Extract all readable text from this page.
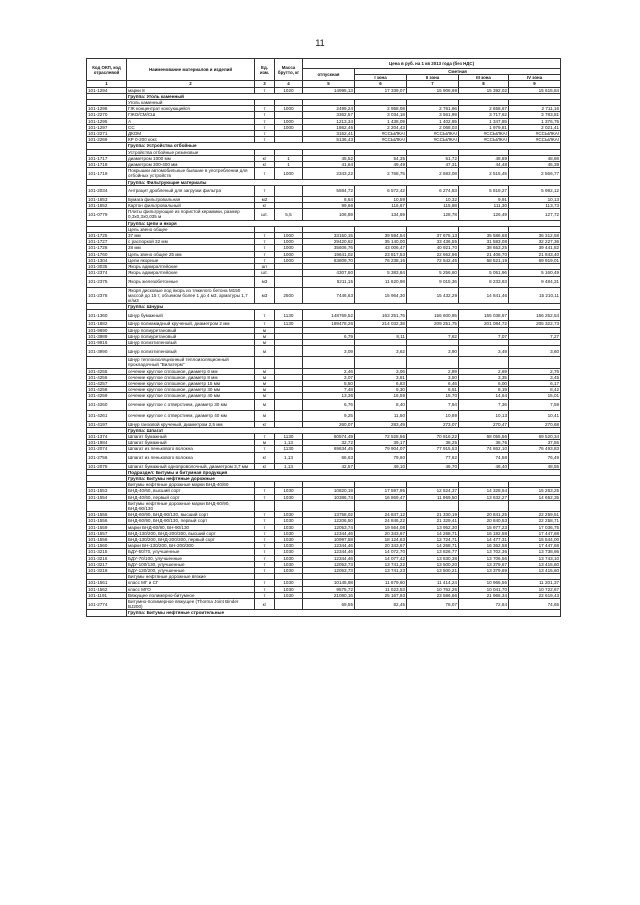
11
Код ОКП, код отраслевой	Наименование материалов и изделий	Ед. изм.	Масса брутто, кг	Цена в руб. на 1 кв 2013 года (без НДС)				
				отпускная	Сметная			
					I зона	II зона	III зона	IV зона
1	2	3	4	5	6	7	8	9
101-1294	марки 8	т	1020	14995,13	17 339,07	15 906,69	15 392,02	15 615,84
	Группа: Уголь каменный							
	Уголь каменный							
101-1296	ГЖ концентрат коксующийся	т	1000	2499,24	2 958,08	2 761,96	2 658,67	2 711,16
101-2270	ГЖО/СМ/СШ	т		3362,57	3 034,18	3 561,99	3 717,62	3 783,81
101-1295	А	т	1000	1213,34	1 438,09	1 402,85	1 347,85	1 376,75
101-1297	СС	т	1000	1862,46	2 204,43	2 068,03	1 979,81	2 021,41
101-2271	ДКОМ	т		3152,41	#ССЫЛКА!	#ССЫЛКА!	#ССЫЛКА!	#ССЫЛКА!
101-2269	КР 0-200 кокс	т		5136,43	#ССЫЛКА!	#ССЫЛКА!	#ССЫЛКА!	#ССЫЛКА!
	Группа: Устройства отбойные							
	Устройства отбойные резиновые							
101-1717	диаметром 1000 мм	кг	1	45,52	54,35	51,72	48,89	48,86
101-1718	диаметром 300-400 мм	кг	1	41,64	49,49	47,31	44,48	45,39
101-1719	Покрышки автомобильные бывшие в употреблении для отбойных устройств	т	1000	2343,22	2 768,75	2 683,08	2 515,45	2 566,77
	Группа: Фильтрующие материалы							
101-2034	Антрацит дробленый для загрузки фильтра	т		5584,72	6 572,42	6 274,83	5 819,27	5 992,12
101-1653	Бумага фильтровальная	м2		8,64	10,59	10,32	9,91	10,13
101-1652	Картон фильтровальный	кг		99,66	116,67	115,88	111,30	113,73
101-0779	Плиты фильтрующие из пористой керамики, размер 0,3х0,3х0,035 м	шт.	5,5	106,89	134,69	128,78	126,49	127,72
	Группа: Цепи и якоря							
	Цепь звено общее							
101-1725	37 мм	т	1000	33150,15	39 594,54	37 675,13	35 586,68	36 312,58
101-1727	с распоркой 32 мм	т	1000	29420,62	35 140,00	33 436,55	31 583,08	32 227,36
101-1728	28 мм	т	1000	35606,76	43 006,47	40 921,70	38 653,25	39 441,82
101-1760	Цепь звено общее 25 мм	т	1000	19641,02	23 817,53	22 662,96	21 406,70	21 843,40
101-1304	Цепи якорные	т	1000	63809,70	76 238,16	72 542,45	68 521,19	69 919,01
101-3035	Якорь адмиралтейские	шт						
101-2374	Якорь адмиралтейские	шт.		4307,60	5 383,84	5 256,60	5 051,96	5 160,49
101-2375	Якорь железобетонные	м3		5211,15	11 620,98	9 015,36	8 233,63	9 484,31
101-2376	Якоря дисковые под якорь из тяжелого бетона М150 массой до 15 т, объемом более 1 до 4 м3, арматуры 1,7 кг/м3	м3	2500	7446,63	15 964,30	15 432,29	14 841,46	15 210,11
	Группа: Шнуры							
101-1360	Шнур бумажный	т	1130	148769,52	163 251,76	156 600,95	155 038,67	156 252,54
101-1882	Шнур полиамидный крученый, диаметром 2 мм	т	1130	189478,26	214 032,38	209 251,75	201 084,72	205 322,73
101-9690	Шнур полиуретановый	м						
101-3989	Шнур полиуретановый	м		6,79	8,11	7,62	7,07	7,27
101-9916	Шнур полиэтиленовый	м						
101-3990	Шнур полиэтиленовый	м		3,09	3,62	3,90	3,49	3,60
	Шнур теплоизоляционный теплоизоляционный прокладочный "Вилатерм"							
101-4255	сечение круглое сплошное, диаметр 6 мм	м		2,46	3,06	2,89	2,69	2,76
101-4256	сечение круглое сплошное, диаметр 8 мм	м		3,07	3,81	3,50	3,35	3,45
101-4257	сечение круглое сплошное, диаметр 15 мм	м		5,50	6,83	6,46	6,00	6,17
101-4258	сечение круглое сплошное, диаметр 30 мм	м		7,48	9,30	6,51	8,19	8,42
101-4259	сечение круглое сплошное, диаметр 40 мм	м		13,36	16,59	15,70	14,64	15,01
101-4260	сечение круглое с отверстием, диаметр 30 мм	м		6,76	8,40	7,94	7,36	7,59
101-4261	сечение круглое с отверстием, диаметр 40 мм	м		9,25	11,50	10,89	10,13	10,41
101-4197	Шнур ганзовой крученый, диаметром 2,5 мм	кг		260,07	283,49	273,07	270,47	270,68
	Группа: Шпагат							
101-1374	Шпагат бумажный	т	1130	60574,49	72 528,56	70 816,22	68 055,56	69 520,34
101-1984	Шпагат бумажный	м	1,13	32,72	39,17	38,25	36,76	37,55
101-2074	Шпагат из пенькового волокна	т	1130	69634,45	79 904,07	77 915,53	74 862,10	76 493,83
101-2756	Шпагат из пенькового волокна	кг	1,13	66,63	79,60	77,62	74,58	76,49
101-2075	Шпагат бумажный однопроволочный, диаметром 3,7 мм	кг	1,13	42,57	49,10	46,70	46,40	48,55
	Подраздел: Битумы и битумная продукция							
	Группа: Битумы нефтяные дорожные							
	Битумы нефтяные дорожные марки БНД-40/60							
101-1553	БНД-40/60, высший сорт	т	1030	10820,19	17 597,95	12 524,37	14 328,54	15 263,25
101-1554	БНД-40/60, первый сорт	т	1030	10386,74	16 869,47	11 969,50	13 632,27	14 652,35
	Битумы нефтяные дорожные марки БНД-60/90, БНД-90/130							
101-1555	БНД-60/90, БНД-90/130, высший сорт	т	1030	13758,02	24 847,12	21 330,19	20 841,25	22 259,51
101-1556	БНД-60/90, БНД-90/130, первый сорт	т	1030	12206,50	24 846,22	21 329,41	20 840,53	22 258,71
101-1559	марки БНД-60/90, БН-90/130	т	1030	12053,74	19 564,08	13 952,30	15 977,23	17 036,75
101-1557	БНД-130/200, БНД-200/300, высший сорт	т	1030	12344,46	20 343,67	14 268,71	16 182,58	17 447,68
101-1558	БНД-130/200, БНД-200/300, первый сорт	т	1030	10997,58	18 124,63	12 724,71	14 477,31	15 544,00
101-1560	марки БН-130/200, БН-200/300	т	1030	12344,46	20 343,67	14 268,71	16 362,58	17 447,68
101-3215	БДУ-50/70, улучшенные	т	1030	12344,46	14 072,70	13 826,77	13 702,36	13 738,95
101-3216	БДУ-70/100, улучшенные	т	1030	12344,46	14 077,42	13 830,38	13 706,56	13 743,10
101-3217	БДУ-100/130, улучшенные	т	1030	12053,73	13 741,22	13 500,20	13 379,67	13 415,60
101-3218	БДУ-130/200, улучшенные	т	1030	12053,73	13 741,23	13 500,21	13 379,69	13 415,60
	Битумы нефтяные дорожные вязкие							
101-1561	класс МГ и СГ	т	1030	10145,98	11 679,60	11 414,24	10 966,56	11 201,37
101-1562	класс МГО	т	1030	9575,72	11 023,53	10 762,26	10 041,70	10 722,67
101-1191	Вяжущее полимерно-битумное	т	1030	21080,16	25 167,93	23 586,66	21 966,34	22 619,43
101-2774	Битумно-полимерное вяжущее (Thorma Joint Binder BJ200)	кг		69,55	82,45	78,07	72,84	74,65
	Группа: Битумы нефтяные строительные							
